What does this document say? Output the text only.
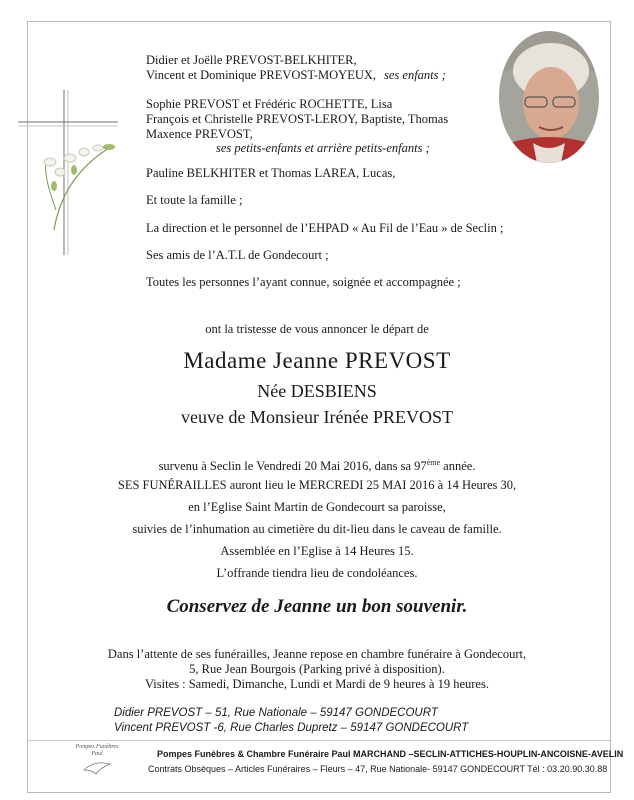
Didier et Joëlle PREVOST-BELKHITER,
Vincent et Dominique PREVOST-MOYEUX, ses enfants ;
Sophie PREVOST et Frédéric ROCHETTE, Lisa
François et Christelle PREVOST-LEROY, Baptiste, Thomas
Maxence PREVOST,
ses petits-enfants et arrière petits-enfants ;
Pauline BELKHITER et Thomas LAREA, Lucas,
Et toute la famille ;
La direction et le personnel de l’EHPAD « Au Fil de l’Eau » de Seclin ;
Ses amis de l’A.T.L de Gondecourt ;
Toutes les personnes l’ayant connue, soignée et accompagnée ;
ont la tristesse de vous annoncer le départ de
Madame Jeanne PREVOST
Née DESBIENS
veuve de Monsieur Irénée PREVOST
survenu à Seclin le Vendredi 20 Mai 2016, dans sa 97ème année.
SES FUNÉRAILLES auront lieu le MERCREDI 25 MAI 2016 à 14 Heures 30,
en l’Eglise Saint Martin de Gondecourt sa paroisse,
suivies de l’inhumation au cimetière du dit-lieu dans le caveau de famille.
Assemblée en l’Eglise à 14 Heures 15.
L’offrande tiendra lieu de condoléances.
Conservez de Jeanne un bon souvenir.
Dans l’attente de ses funérailles, Jeanne repose en chambre funéraire à Gondecourt,
5, Rue Jean Bourgois (Parking privé à disposition).
Visites : Samedi, Dimanche, Lundi et Mardi de 9 heures à 19 heures.
Didier PREVOST – 51, Rue Nationale – 59147 GONDECOURT
Vincent PREVOST -6, Rue Charles Dupretz – 59147 GONDECOURT
Pompes Funèbres Paul	Pompes Funèbres & Chambre Funéraire Paul MARCHAND –SECLIN-ATTICHES-HOUPLIN-ANCOISNE-AVELIN
Contrats Obsèques – Articles Funéraires – Fleurs – 47, Rue Nationale- 59147 GONDECOURT Tél : 03.20.90.30.88
